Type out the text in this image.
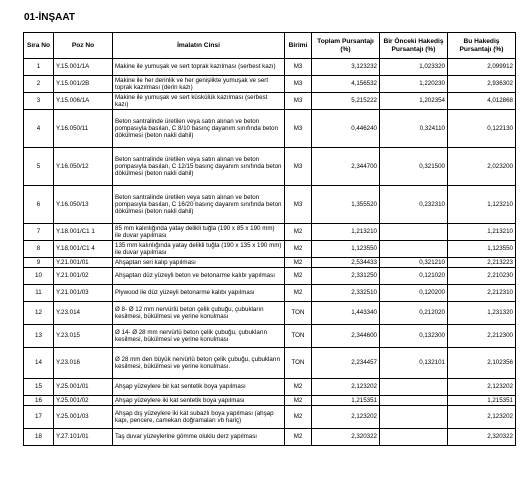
01-İNŞAAT
Sıra No	Poz No	İmalatın Cinsi	Birimi	Toplam Pursantajı (%)	Bir Önceki Hakediş Pursantajı (%)	Bu Hakediş Pursantajı (%)
1	Y.15.001/1A	Makine ile yumuşak ve sert toprak kazılması (serbest kazı)	M3	3,123232	1,023320	2,099912
2	Y.15.001/2B	Makine ile her derinlik ve her genişlikte yumuşak ve sert toprak kazılması (derin kazı)	M3	4,156532	1,220230	2,936302
3	Y.15.006/1A	Makine ile yumuşak ve sert küskülük kazılması (serbest kazı)	M3	5,215222	1,202354	4,012868
4	Y.16.050/11	Beton santralinde üretilen veya satın alınan ve beton pompasıyla basılan, C 8/10 basınç dayanım sınıfında beton dökülmesi (beton nakli dahil)	M3	0,446240	0,324110	0,122130
5	Y.16.050/12	Beton santralinde üretilen veya satın alınan ve beton pompasıyla basılan, C 12/15 basınç dayanım sınıfında beton dökülmesi (beton nakli dahil)	M3	2,344700	0,321500	2,023200
6	Y.16.050/13	Beton santralinde üretilen veya satın alınan ve beton pompasıyla basılan, C 16/20 basınç dayanım sınıfında beton dökülmesi (beton nakli dahil)	M3	1,355520	0,232310	1,123210
7	Y.18.001/C1 1	85 mm kalınlığında yatay delikli tuğla (190 x 85 x 190 mm) ile duvar yapılması	M2	1,213210		1,213210
8	Y.18.001/C1 4	135 mm kalınlığında yatay delikli tuğla (190 x 135 x 190 mm) ile duvar yapılması	M2	1,123550		1,123550
9	Y.21.001/01	Ahşaptan seri kalıp yapılması	M2	2,534433	0,321210	2,213223
10	Y.21.001/02	Ahşaptan düz yüzeyli beton ve betonarme kalıbı yapılması	M2	2,331250	0,121020	2,210230
11	Y.21.001/03	Plywood ile düz yüzeyli betonarme kalıbı yapılması	M2	2,332510	0,120200	2,212310
12	Y.23.014	Ø 8- Ø 12 mm nervürlü beton çelik çubuğu, çubukların kesilmesi, bükülmesi ve yerine konulması	TON	1,443340	0,212020	1,231320
13	Y.23.015	Ø 14- Ø 28 mm nervürlü beton çelik çubuğu, çubukların kesilmesi, bükülmesi ve yerine konulması	TON	2,344600	0,132300	2,212300
14	Y.23.016	Ø 28 mm den büyük nervürlü beton çelik çubuğu, çubukların kesilmesi, bükülmesi ve yerine konulması.	TON	2,234457	0,132101	2,102356
15	Y.25.001/01	Ahşap yüzeylere bir kat sentetik boya yapılması	M2	2,123202		2,123202
16	Y.25.001/02	Ahşap yüzeylere iki kat sentetik boya yapılması	M2	1,215351		1,215351
17	Y.25.001/03	Ahşap dış yüzeylere iki kat subazlı boya yapılması (ahşap kapı, pencere, camekan doğramaları vb hariç)	M2	2,123202		2,123202
18	Y.27.101/01	Taş duvar yüzeylerine gömme oluklu derz yapılması	M2	2,320322		2,320322
